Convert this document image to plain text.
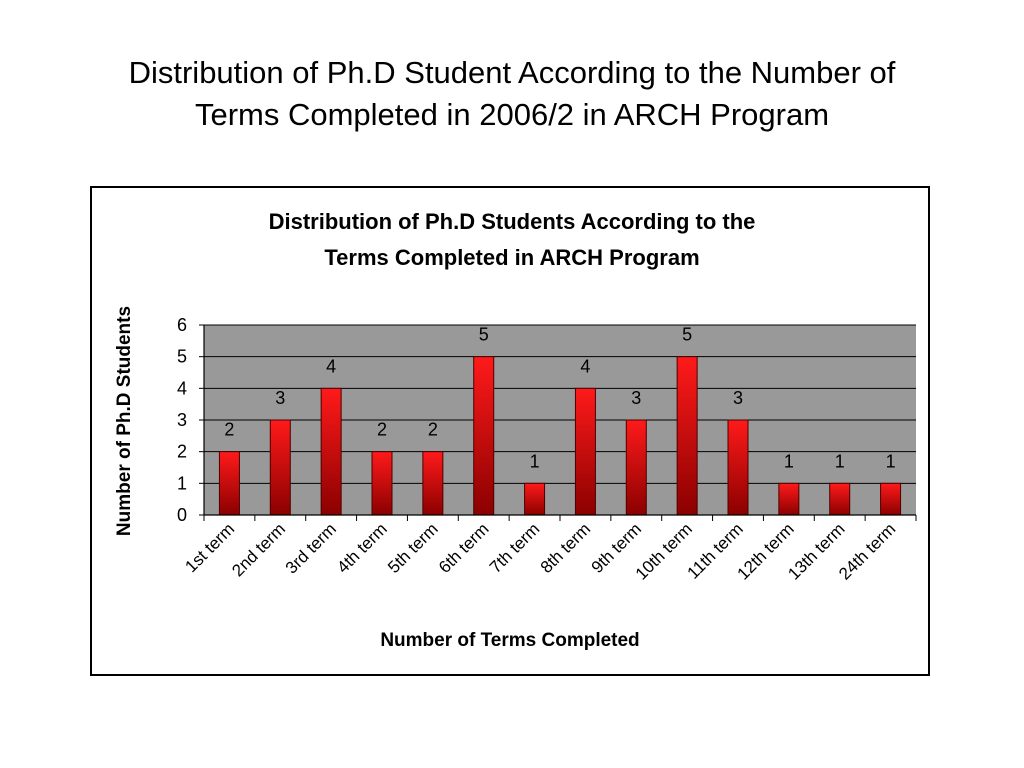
Distribution of Ph.D Student According to the Number of
Terms Completed in 2006/2 in ARCH Program
Distribution of Ph.D Students According to the
Terms Completed in ARCH Program
2
3
4
2 2
5
1
4
3
5
3
1 1 1
0
1
2
3
4
5
6
1st term
2nd term
3rd term
4th term
5th term
6th term
7th term
8th term
9th term
10th term
11th term
12th term
13th term
24th term
Number of Terms Completed
Number of Ph.D Students
